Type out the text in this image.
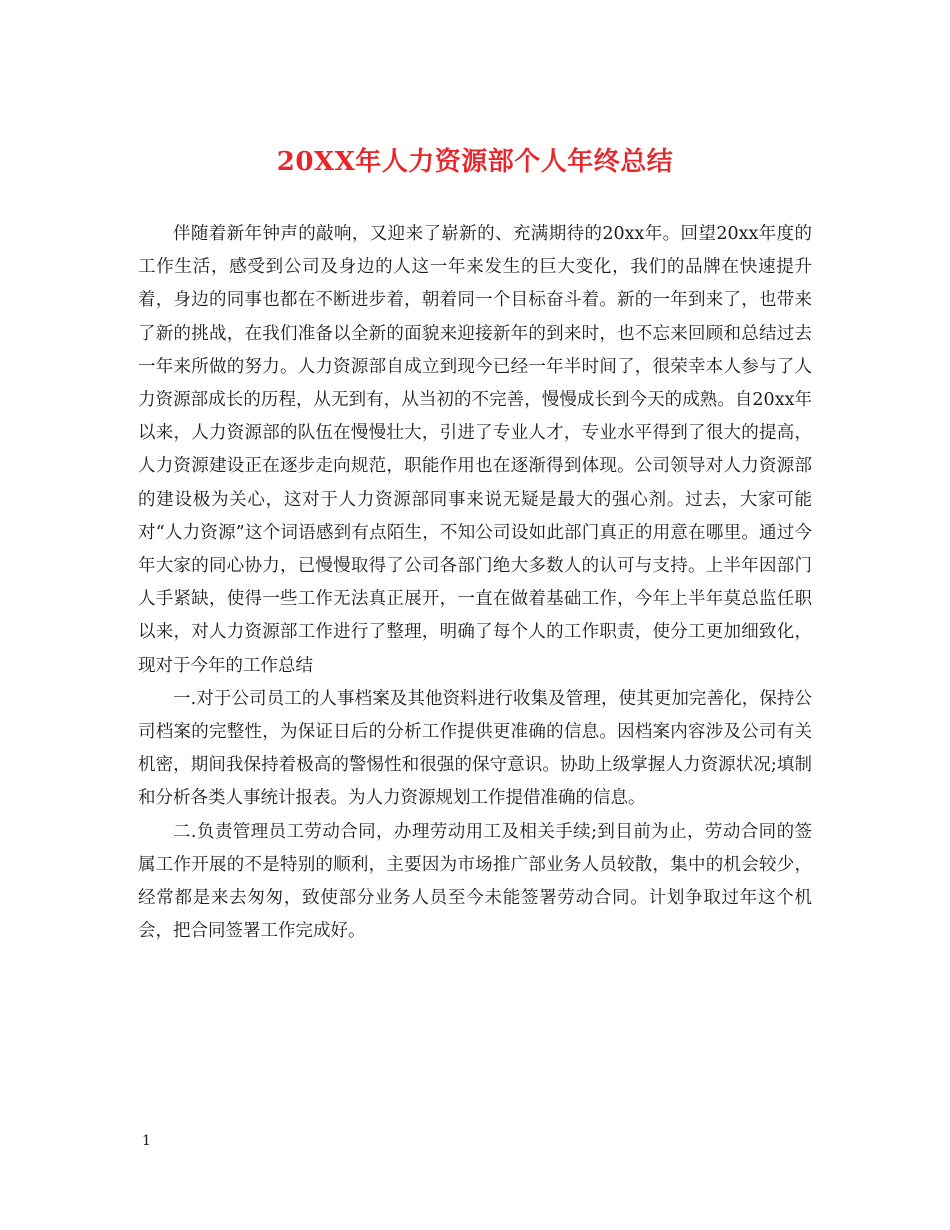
20XX年人力资源部个人年终总结

伴随着新年钟声的敲响，又迎来了崭新的、充满期待的20xx年。回望20xx年度的工作生活，感受到公司及身边的人这一年来发生的巨大变化，我们的品牌在快速提升着，身边的同事也都在不断进步着，朝着同一个目标奋斗着。新的一年到来了，也带来了新的挑战，在我们准备以全新的面貌来迎接新年的到来时，也不忘来回顾和总结过去一年来所做的努力。人力资源部自成立到现今已经一年半时间了，很荣幸本人参与了人力资源部成长的历程，从无到有，从当初的不完善，慢慢成长到今天的成熟。自20xx年以来，人力资源部的队伍在慢慢壮大，引进了专业人才，专业水平得到了很大的提高，人力资源建设正在逐步走向规范，职能作用也在逐渐得到体现。公司领导对人力资源部的建设极为关心，这对于人力资源部同事来说无疑是最大的强心剂。过去，大家可能对“人力资源”这个词语感到有点陌生，不知公司设如此部门真正的用意在哪里。通过今年大家的同心协力，已慢慢取得了公司各部门绝大多数人的认可与支持。上半年因部门人手紧缺，使得一些工作无法真正展开，一直在做着基础工作，今年上半年莫总监任职以来，对人力资源部工作进行了整理，明确了每个人的工作职责，使分工更加细致化，现对于今年的工作总结

一.对于公司员工的人事档案及其他资料进行收集及管理，使其更加完善化，保持公司档案的完整性，为保证日后的分析工作提供更准确的信息。因档案内容涉及公司有关机密，期间我保持着极高的警惕性和很强的保守意识。协助上级掌握人力资源状况;填制和分析各类人事统计报表。为人力资源规划工作提借准确的信息。

二.负责管理员工劳动合同，办理劳动用工及相关手续;到目前为止，劳动合同的签属工作开展的不是特别的顺利，主要因为市场推广部业务人员较散，集中的机会较少，经常都是来去匆匆，致使部分业务人员至今未能签署劳动合同。计划争取过年这个机会，把合同签署工作完成好。

1
